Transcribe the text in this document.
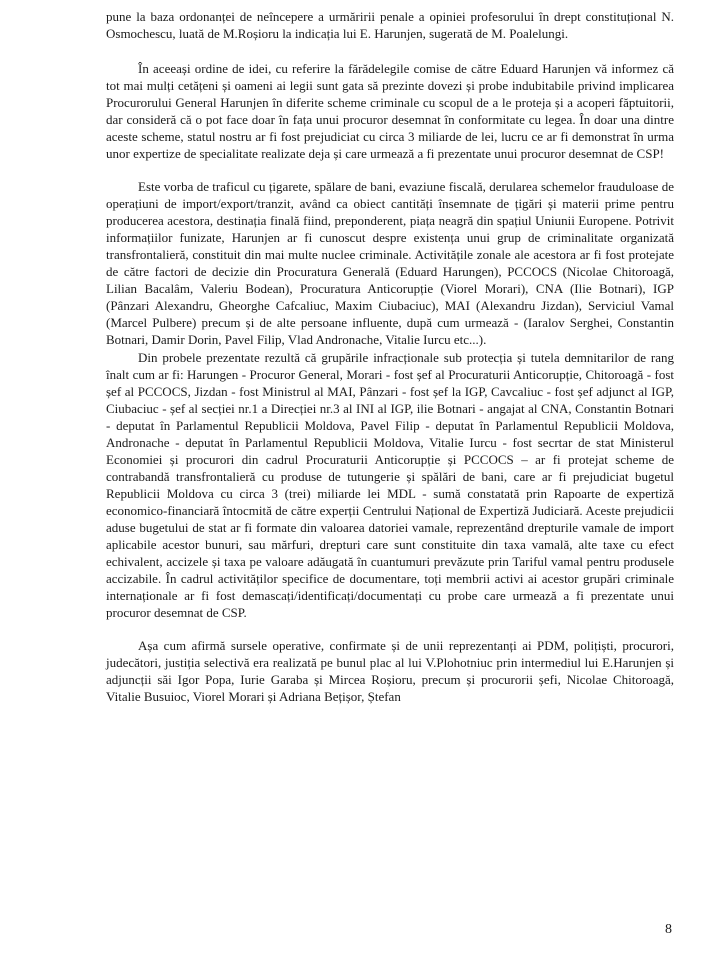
pune la baza ordonanței de neîncepere a urmăririi penale a opiniei profesorului în drept constituțional N. Osmochescu, luată de M.Roșioru la indicația lui E. Harunjen, sugerată de M. Poalelungi.

În aceeași ordine de idei, cu referire la fărădelegile comise de către Eduard Harunjen vă informez că tot mai mulți cetățeni și oameni ai legii sunt gata să prezinte dovezi și probe indubitabile privind implicarea Procurorului General Harunjen în diferite scheme criminale cu scopul de a le proteja și a acoperi făptuitorii, dar consideră că o pot face doar în fața unui procuror desemnat în conformitate cu legea. În doar una dintre aceste scheme, statul nostru ar fi fost prejudiciat cu circa 3 miliarde de lei, lucru ce ar fi demonstrat în urma unor expertize de specialitate realizate deja și care urmează a fi prezentate unui procuror desemnat de CSP!

Este vorba de traficul cu țigarete, spălare de bani, evaziune fiscală, derularea schemelor frauduloase de operațiuni de import/export/tranzit, având ca obiect cantități însemnate de țigări și materii prime pentru producerea acestora, destinația finală fiind, preponderent, piața neagră din spațiul Uniunii Europene. Potrivit informațiilor funizate, Harunjen ar fi cunoscut despre existența unui grup de criminalitate organizată transfrontalieră, constituit din mai multe nuclee criminale. Activitățile zonale ale acestora ar fi fost protejate de către factori de decizie din Procuratura Generală (Eduard Harungen), PCCOCS (Nicolae Chitoroagă, Lilian Bacalâm, Valeriu Bodean), Procuratura Anticorupție (Viorel Morari), CNA (Ilie Botnari), IGP (Pânzari Alexandru, Gheorghe Cafcaliuc, Maxim Ciubaciuc), MAI (Alexandru Jizdan), Serviciul Vamal (Marcel Pulbere) precum și de alte persoane influente, după cum urmează - (Iaralov Serghei, Constantin Botnari, Damir Dorin, Pavel Filip, Vlad Andronache, Vitalie Iurcu etc...).

Din probele prezentate rezultă că grupările infracționale sub protecția și tutela demnitarilor de rang înalt cum ar fi: Harungen - Procuror General, Morari - fost șef al Procuraturii Anticorupție, Chitoroagă - fost șef al PCCOCS, Jizdan - fost Ministrul al MAI, Pânzari - fost șef la IGP, Cavcaliuc - fost șef adjunct al IGP, Ciubaciuc - șef al secției nr.1 a Direcției nr.3 al INI al IGP, ilie Botnari - angajat al CNA, Constantin Botnari - deputat în Parlamentul Republicii Moldova, Pavel Filip - deputat în Parlamentul Republicii Moldova, Andronache - deputat în Parlamentul Republicii Moldova, Vitalie Iurcu - fost secrtar de stat Ministerul Economiei și procurori din cadrul Procuraturii Anticorupție și PCCOCS – ar fi protejat scheme de contrabandă transfrontalieră cu produse de tutungerie și spălări de bani, care ar fi prejudiciat bugetul Republicii Moldova cu circa 3 (trei) miliarde lei MDL - sumă constatată prin Rapoarte de expertiză economico-financiară întocmită de către experții Centrului Național de Expertiză Judiciară. Aceste prejudicii aduse bugetului de stat ar fi formate din valoarea datoriei vamale, reprezentând drepturile vamale de import aplicabile acestor bunuri, sau mărfuri, drepturi care sunt constituite din taxa vamală, alte taxe cu efect echivalent, accizele și taxa pe valoare adăugată în cuantumuri prevăzute prin Tariful vamal pentru produsele accizabile. În cadrul activităților specifice de documentare, toți membrii activi ai acestor grupări criminale internaționale ar fi fost demascați/identificați/documentați cu probe care urmează a fi prezentate unui procuror desemnat de CSP.

Așa cum afirmă sursele operative, confirmate și de unii reprezentanți ai PDM, polițiști, procurori, judecători, justiția selectivă era realizată pe bunul plac al lui V.Plohotniuc prin intermediul lui E.Harunjen și adjuncții săi Igor Popa, Iurie Garaba și Mircea Roșioru, precum și procurorii șefi, Nicolae Chitoroagă, Vitalie Busuioc, Viorel Morari și Adriana Bețișor, Ștefan

8
